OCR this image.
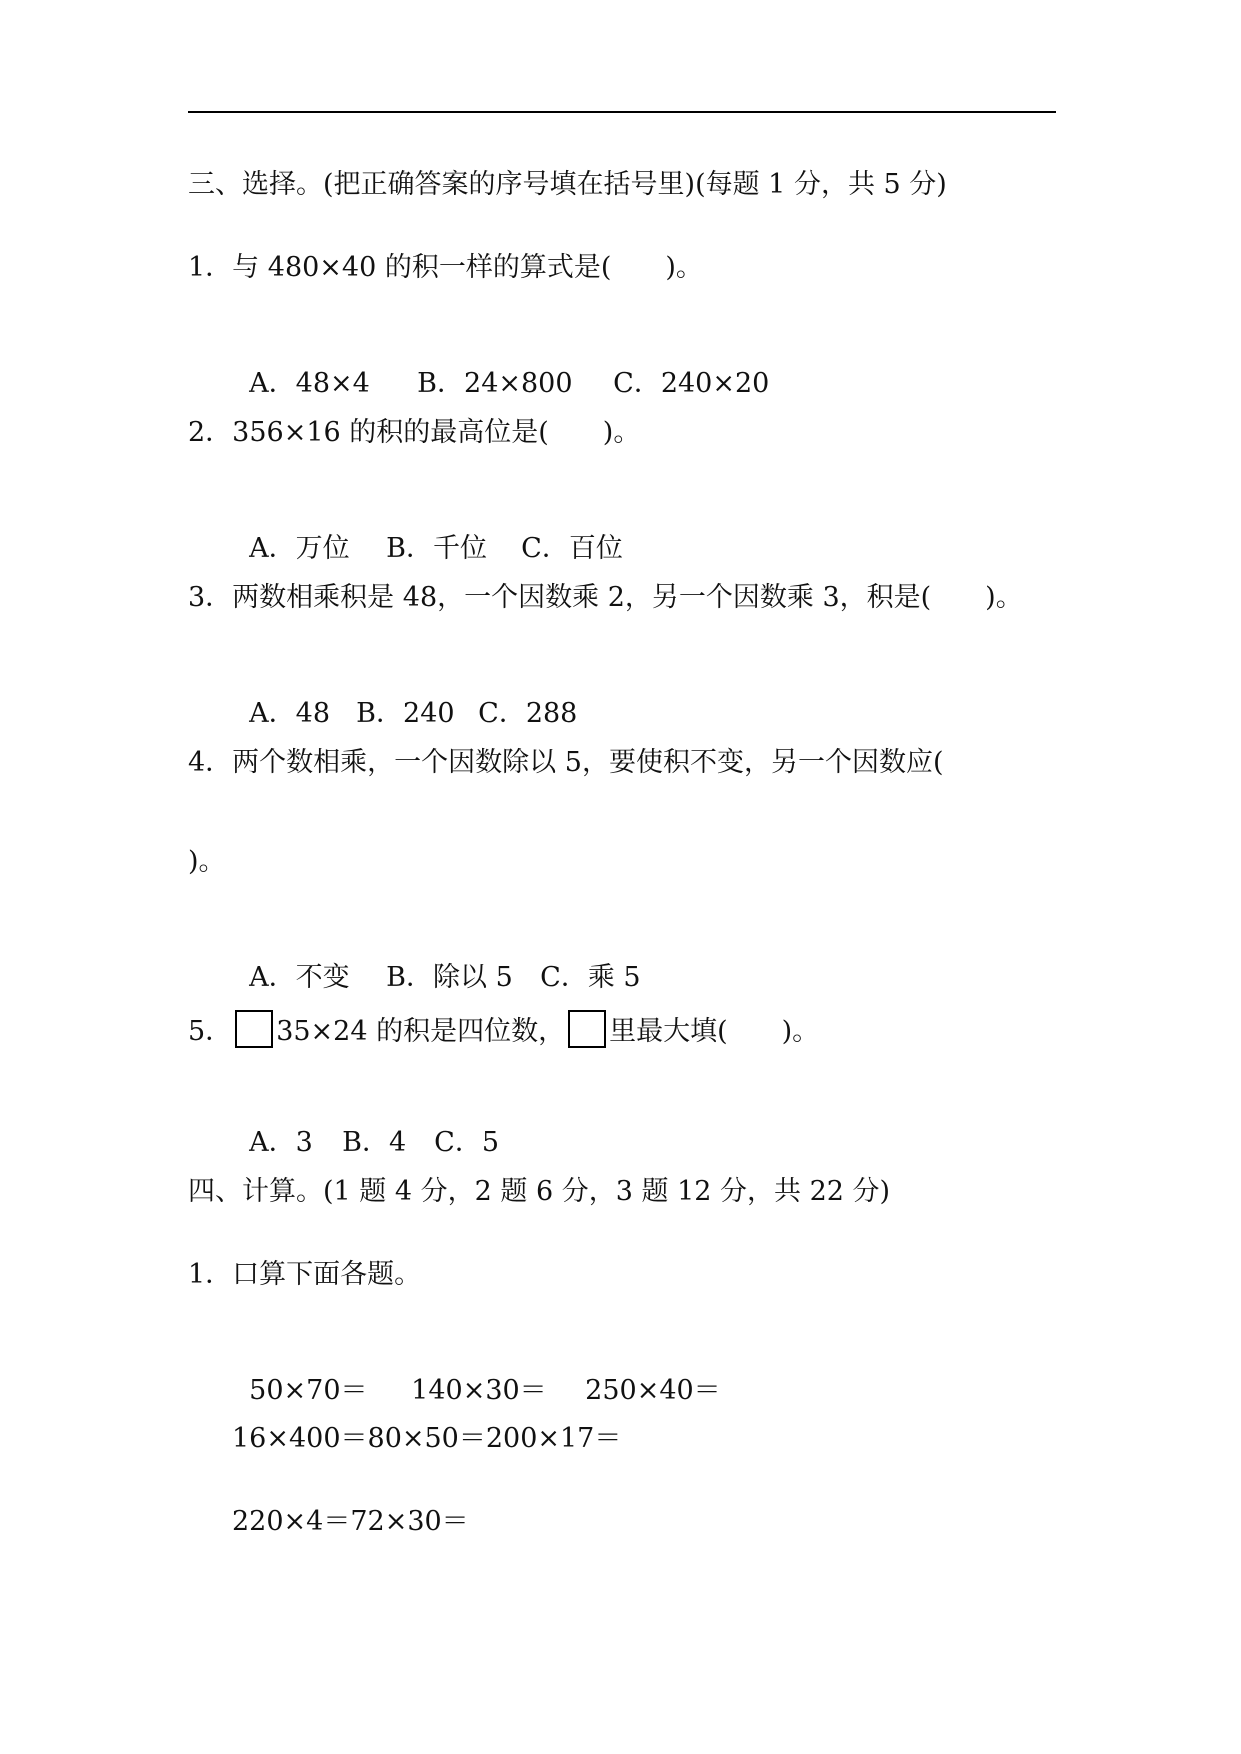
三、选择。(把正确答案的序号填在括号里)(每题 1 分，共 5 分)
1．与 480×40 的积一样的算式是(　　)。

A．48×4 B．24×800 C．240×20

2．356×16 的积的最高位是(　　)。

A．万位 B．千位 C．百位

3．两数相乘积是 48，一个因数乘 2，另一个因数乘 3，积是(　　)。

A．48 B．240 C．288

4．两个数相乘，一个因数除以 5，要使积不变，另一个因数应(
)。

A．不变 B．除以 5 C．乘 5

5． 35×24 的积是四位数， 里最大填(　　)。

A．3 B．4 C．5

四、计算。(1 题 4 分，2 题 6 分，3 题 12 分，共 22 分)
1．口算下面各题。

50×70＝ 140×30＝ 250×40＝

16×400＝80×50＝200×17＝
220×4＝72×30＝
